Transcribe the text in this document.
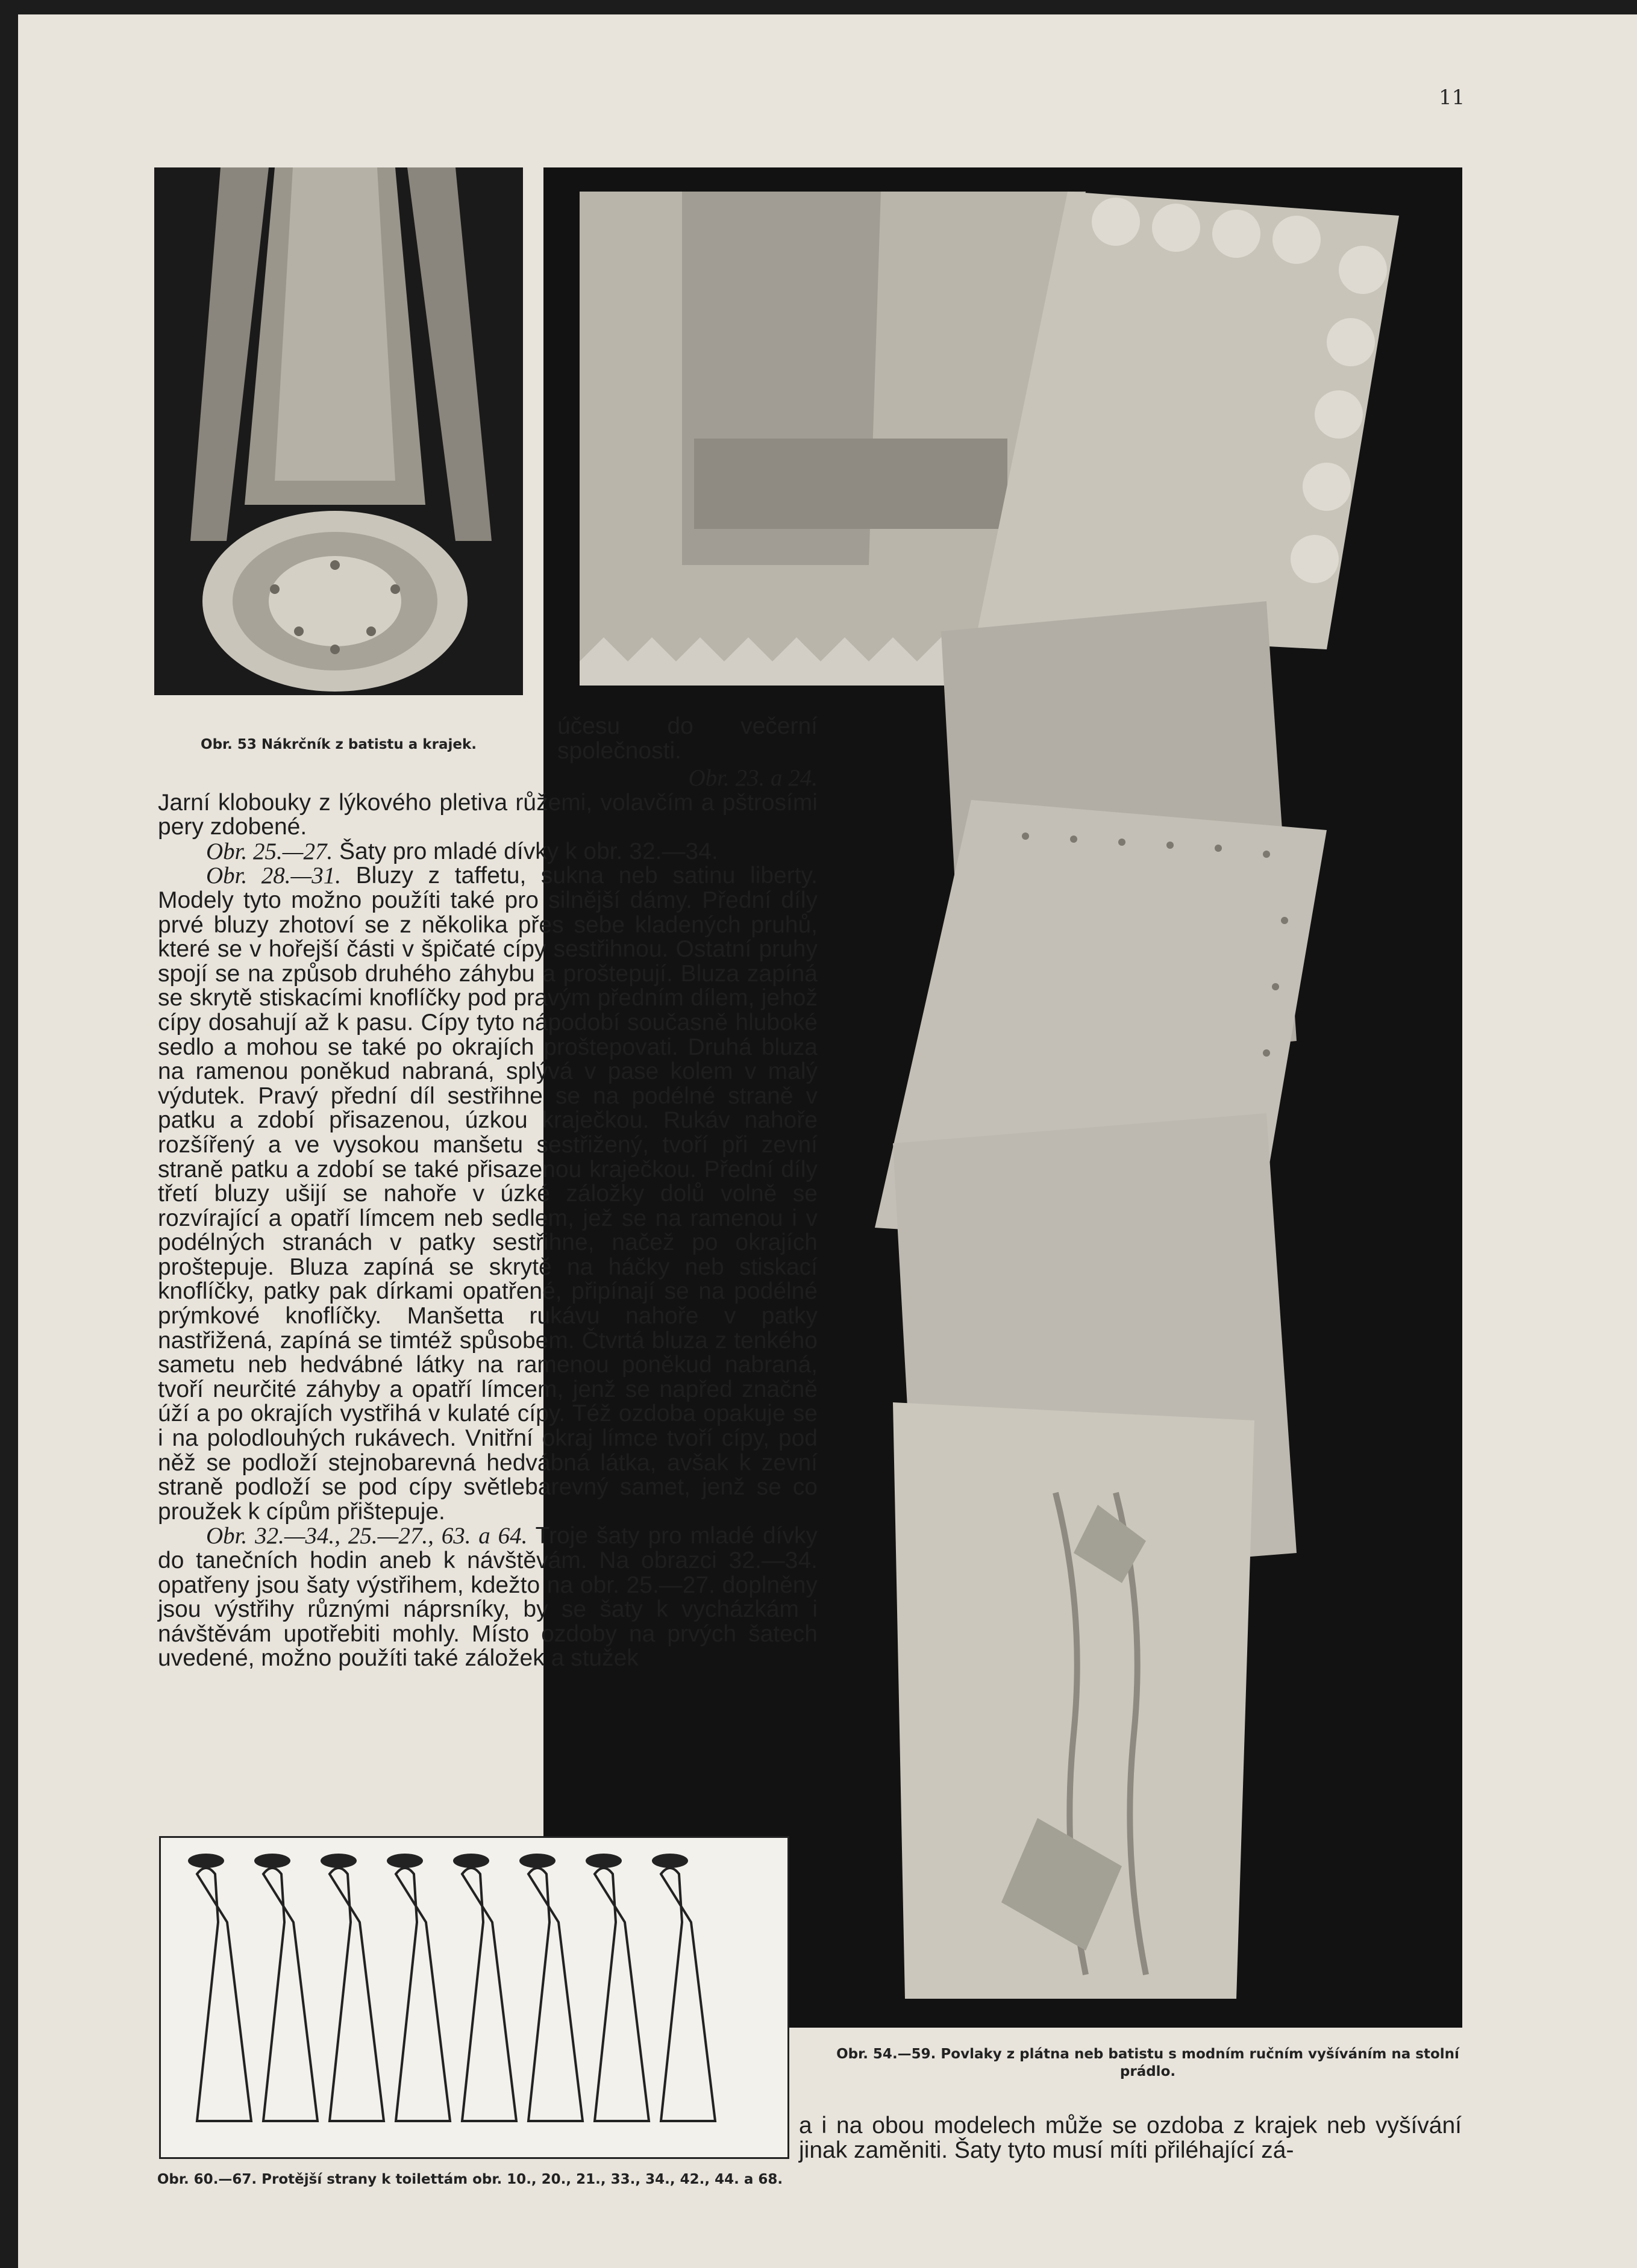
11
Obr. 53 Nákrčník z batistu a krajek.
Obr. 54.—59. Povlaky z plátna neb batistu s modním ručním vyšíváním na stolní prádlo.
účesu do večerní společnosti.

Obr. 23. a 24.

Jarní klobouky z lýkového pletiva růžemi, volavčím a pštrosími pery zdobené.

Obr. 25.—27. Šaty pro mladé dívky k obr. 32.—34.

Obr. 28.—31. Bluzy z taffetu, sukna neb satinu liberty. Modely tyto možno použíti také pro silnější dámy. Přední díly prvé bluzy zhotoví se z několika přes sebe kladených pruhů, které se v hořejší části v špičaté cípy sestřihnou. Ostatní pruhy spojí se na způsob druhého záhybu a proštepují. Bluza zapíná se skrytě stiskacími knoflíčky pod pravým předním dílem, jehož cípy dosahují až k pasu. Cípy tyto nápodobí současně hluboké sedlo a mohou se také po okrajích proštepovati. Druhá bluza na ramenou poněkud nabraná, splývá v pase kolem v malý výdutek. Pravý přední díl sestřihne se na podélné straně v patku a zdobí přisazenou, úzkou kraječkou. Rukáv nahoře rozšířený a ve vysokou manšetu sestřižený, tvoří při zevní straně patku a zdobí se také přisazenou kraječkou. Přední díly třetí bluzy ušijí se nahoře v úzké záložky dolů volně se rozvírající a opatří límcem neb sedlem, jež se na ramenou i v podélných stranách v patky sestřihne, načež po okrajích proštepuje. Bluza zapíná se skrytě na háčky neb stiskací knoflíčky, patky pak dírkami opatřené, připínají se na podélné prýmkové knoflíčky. Manšetta rukávu nahoře v patky nastřižená, zapíná se timtéž spůsobem. Čtvrtá bluza z tenkého sametu neb hedvábné látky na ramenou poněkud nabraná, tvoří neurčité záhyby a opatří límcem, jenž se napřed značně úží a po okrajích vystřihá v kulaté cípy. Též ozdoba opakuje se i na polodlouhých rukávech. Vnitřní okraj límce tvoří cípy, pod něž se podloží stejnobarevná hedvábná látka, avšak k zevní straně podloží se pod cípy světlebarevný samet, jenž se co proužek k cípům přištepuje.

Obr. 32.—34., 25.—27., 63. a 64. Troje šaty pro mladé dívky do tanečních hodin aneb k návštěvám. Na obrazci 32.—34. opatřeny jsou šaty výstřihem, kdežto na obr. 25.—27. doplněny jsou výstřihy různými náprsníky, by se šaty k vycházkám i návštěvám upotřebiti mohly. Místo ozdoby na prvých šatech uvedené, možno použíti také záložek a stužek

Obr. 60.—67. Protější strany k toilettám obr. 10., 20., 21., 33., 34., 42., 44. a 68.
a i na obou modelech může se ozdoba z krajek neb vyšívání jinak zaměniti. Šaty tyto musí míti přiléhající zá-
